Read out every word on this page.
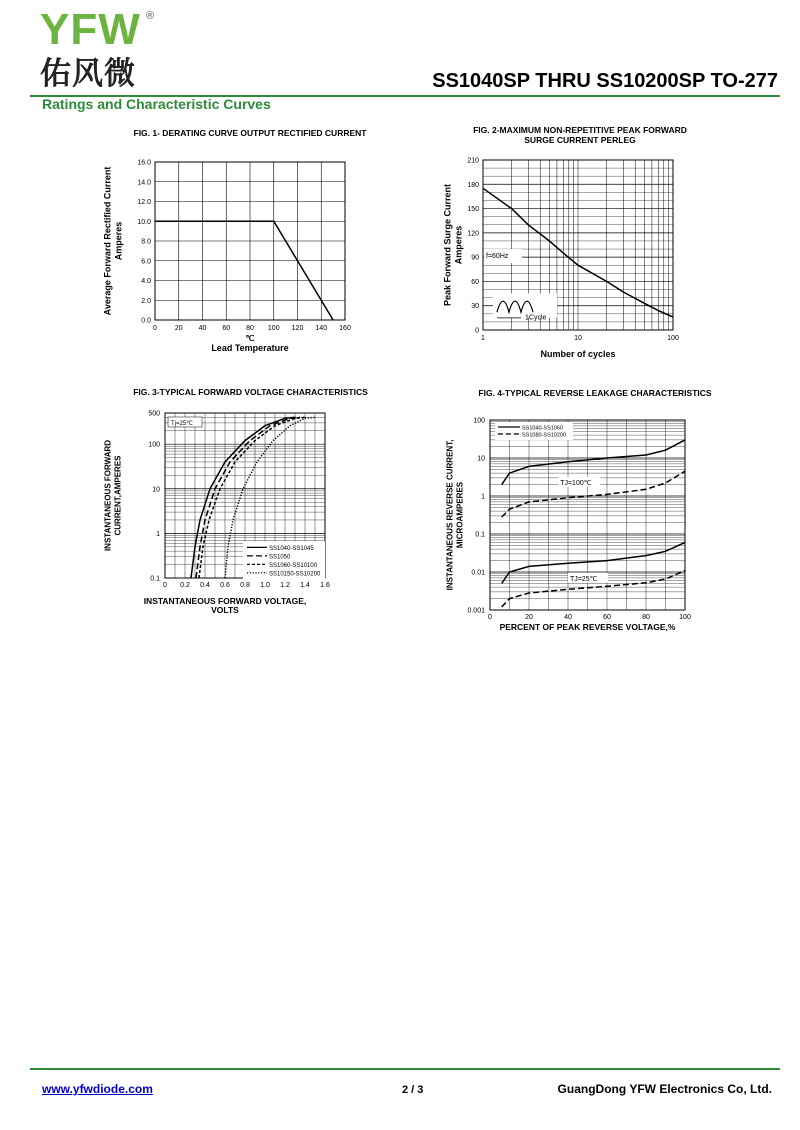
YFW ®
佑风微	SS1040SP THRU SS10200SP TO-277
Ratings and Characteristic Curves
FIG. 1- DERATING CURVE OUTPUT RECTIFIED CURRENT	FIG. 2-MAXIMUM NON-REPETITIVE PEAK FORWARD
SURGE CURRENT PERLEG
FIG. 3-TYPICAL FORWARD VOLTAGE CHARACTERISTICS	FIG. 4-TYPICAL REVERSE LEAKAGE CHARACTERISTICS
0	20 40 60 80 100 120 140 160
0.0
2.0
4.0
6.0
8.0
10.0
12.0
14.0
16.0
℃
Lead Temperature
Average Forward Rectified Current Amperes
1	10	100
0
30
60
90
120
150
180
210
f=60Hz
1Cycle
Number of cycles
Peak Forward Surge Current Amperes
0 0.2 0.4 0.6 0.8 1.0 1.2 1.4 1.6
0.1
1
10
100
500
Tj=25℃
SS1040-SS1045
SS1050
SS1060-SS10100
SS10150-SS10200
INSTANTANEOUS FORWARD VOLTAGE,
VOLTS
INSTANTANEOUS FORWARD CURRENT,AMPERES
0	20	40	60	80	100
0.001
0.01
0.1
1
10
100
TJ=100℃
TJ=25℃
SS1040-SS1060
SS1080-SS10200
PERCENT OF PEAK REVERSE VOLTAGE,%
INSTANTANEOUS REVERSE CURRENT, MICROAMPERES
www.yfwdiode.com	2 / 3	GuangDong YFW Electronics Co, Ltd.
